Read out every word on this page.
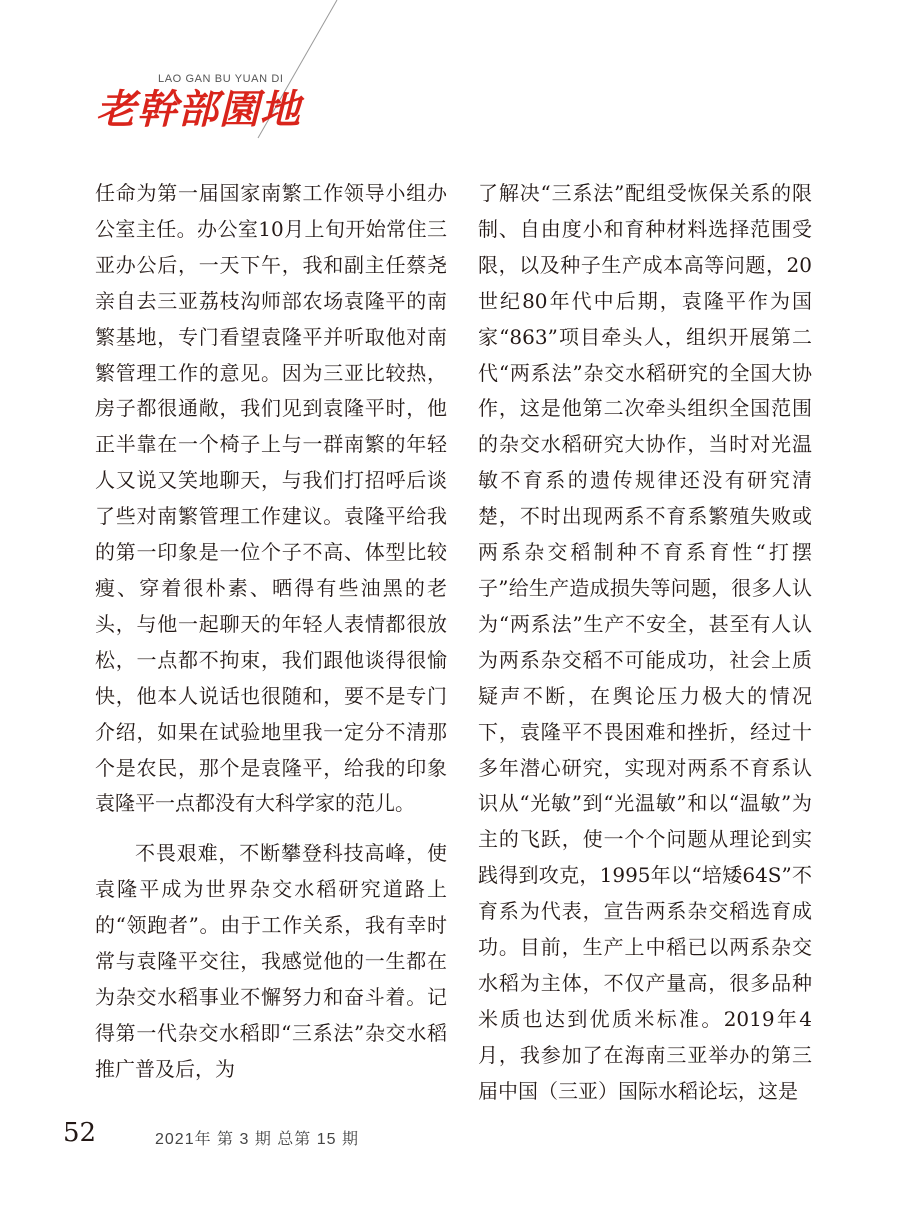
LAO GAN BU YUAN DI
老幹部園地

任命为第一届国家南繁工作领导小组办公室主任。办公室10月上旬开始常住三亚办公后，一天下午，我和副主任蔡尧亲自去三亚荔枝沟师部农场袁隆平的南繁基地，专门看望袁隆平并听取他对南繁管理工作的意见。因为三亚比较热，房子都很通敞，我们见到袁隆平时，他正半靠在一个椅子上与一群南繁的年轻人又说又笑地聊天，与我们打招呼后谈了些对南繁管理工作建议。袁隆平给我的第一印象是一位个子不高、体型比较瘦、穿着很朴素、晒得有些油黑的老头，与他一起聊天的年轻人表情都很放松，一点都不拘束，我们跟他谈得很愉快，他本人说话也很随和，要不是专门介绍，如果在试验地里我一定分不清那个是农民，那个是袁隆平，给我的印象袁隆平一点都没有大科学家的范儿。

不畏艰难，不断攀登科技高峰，使袁隆平成为世界杂交水稻研究道路上的“领跑者”。由于工作关系，我有幸时常与袁隆平交往，我感觉他的一生都在为杂交水稻事业不懈努力和奋斗着。记得第一代杂交水稻即“三系法”杂交水稻推广普及后，为

了解决“三系法”配组受恢保关系的限制、自由度小和育种材料选择范围受限，以及种子生产成本高等问题，20世纪80年代中后期，袁隆平作为国家“863”项目牵头人，组织开展第二代“两系法”杂交水稻研究的全国大协作，这是他第二次牵头组织全国范围的杂交水稻研究大协作，当时对光温敏不育系的遗传规律还没有研究清楚，不时出现两系不育系繁殖失败或两系杂交稻制种不育系育性“打摆子”给生产造成损失等问题，很多人认为“两系法”生产不安全，甚至有人认为两系杂交稻不可能成功，社会上质疑声不断，在舆论压力极大的情况下，袁隆平不畏困难和挫折，经过十多年潜心研究，实现对两系不育系认识从“光敏”到“光温敏”和以“温敏”为主的飞跃，使一个个问题从理论到实践得到攻克，1995年以“培矮64S”不育系为代表，宣告两系杂交稻选育成功。目前，生产上中稻已以两系杂交水稻为主体，不仅产量高，很多品种米质也达到优质米标准。2019年4月，我参加了在海南三亚举办的第三届中国（三亚）国际水稻论坛，这是

52	2021年 第 3 期 总第 15 期
